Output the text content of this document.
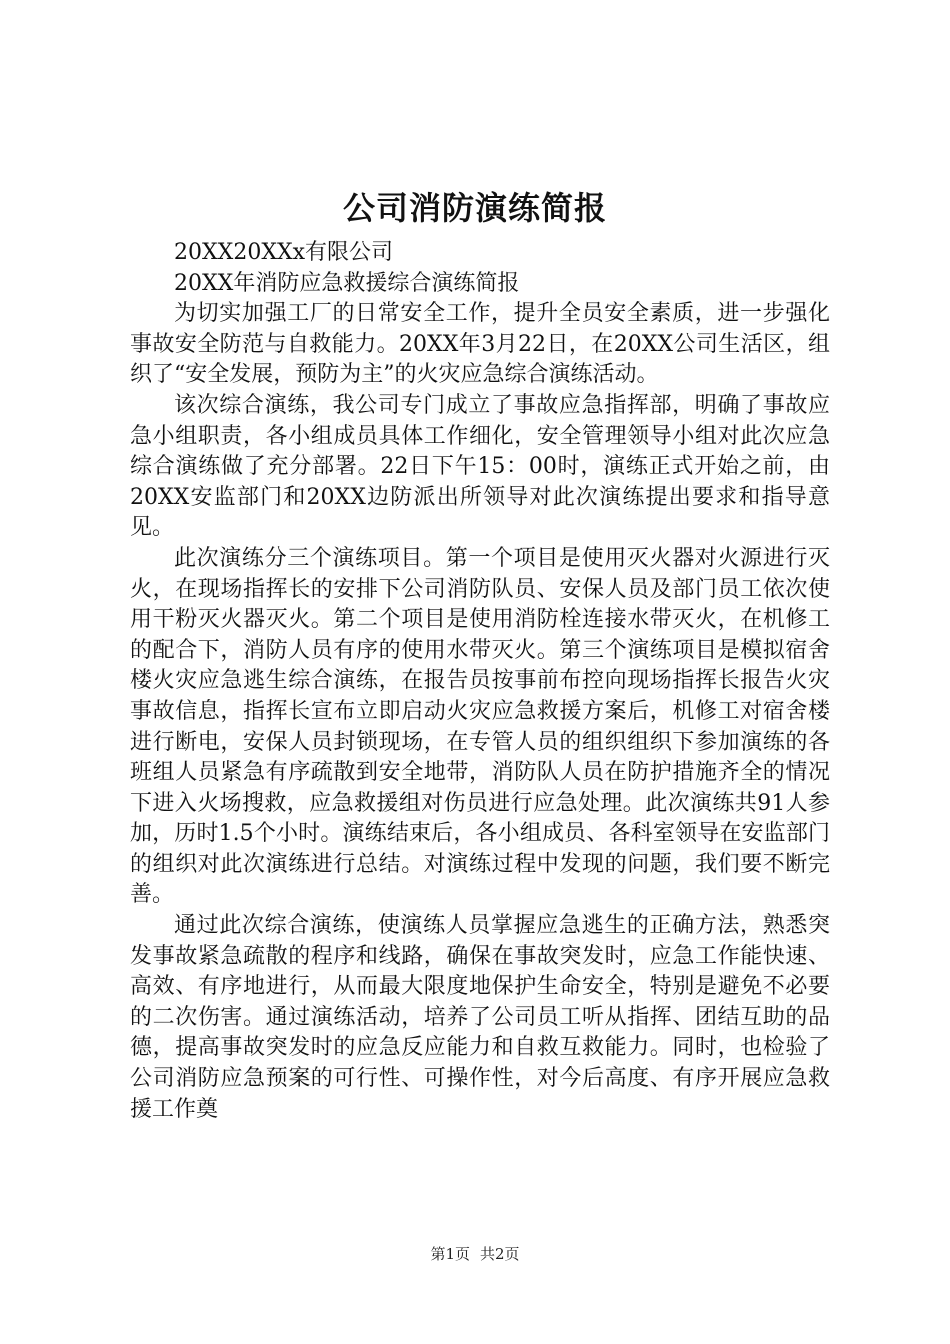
公司消防演练简报

20XX20XXx有限公司

20XX年消防应急救援综合演练简报

为切实加强工厂的日常安全工作，提升全员安全素质，进一步强化事故安全防范与自救能力。20XX年3月22日，在20XX公司生活区，组织了“安全发展，预防为主”的火灾应急综合演练活动。

该次综合演练，我公司专门成立了事故应急指挥部，明确了事故应急小组职责，各小组成员具体工作细化，安全管理领导小组对此次应急综合演练做了充分部署。22日下午15：00时，演练正式开始之前，由20XX安监部门和20XX边防派出所领导对此次演练提出要求和指导意见。

此次演练分三个演练项目。第一个项目是使用灭火器对火源进行灭火，在现场指挥长的安排下公司消防队员、安保人员及部门员工依次使用干粉灭火器灭火。第二个项目是使用消防栓连接水带灭火，在机修工的配合下，消防人员有序的使用水带灭火。第三个演练项目是模拟宿舍楼火灾应急逃生综合演练，在报告员按事前布控向现场指挥长报告火灾事故信息，指挥长宣布立即启动火灾应急救援方案后，机修工对宿舍楼进行断电，安保人员封锁现场，在专管人员的组织组织下参加演练的各班组人员紧急有序疏散到安全地带，消防队人员在防护措施齐全的情况下进入火场搜救，应急救援组对伤员进行应急处理。此次演练共91人参加，历时1.5个小时。演练结束后，各小组成员、各科室领导在安监部门的组织对此次演练进行总结。对演练过程中发现的问题，我们要不断完善。

通过此次综合演练，使演练人员掌握应急逃生的正确方法，熟悉突发事故紧急疏散的程序和线路，确保在事故突发时，应急工作能快速、高效、有序地进行，从而最大限度地保护生命安全，特别是避免不必要的二次伤害。通过演练活动，培养了公司员工听从指挥、团结互助的品德，提高事故突发时的应急反应能力和自救互救能力。同时，也检验了公司消防应急预案的可行性、可操作性，对今后高度、有序开展应急救援工作奠

第1页 共2页
